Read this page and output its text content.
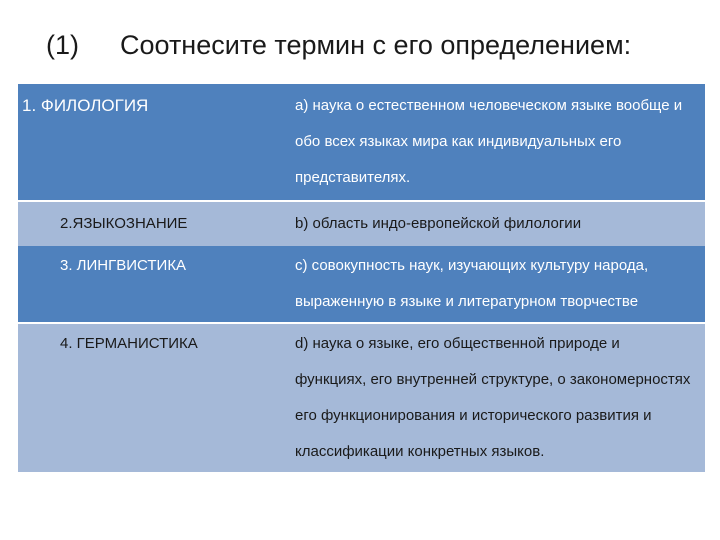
(1) Соотнесите термин с его определением:
1. ФИЛОЛОГИЯ	а) наука о естественном человеческом языке вообще и обо всех языках мира как индивидуальных его представителях.

2.ЯЗЫКОЗНАНИЕ	b) область индо-европейской филологии

3. ЛИНГВИСТИКА	с) совокупность наук, изучающих культуру народа, выраженную в языке и литературном творчестве

4. ГЕРМАНИСТИКА	d) наука о языке, его общественной природе и функциях, его внутренней структуре, о закономерностях его функционирования и исторического развития и классификации конкретных языков.
